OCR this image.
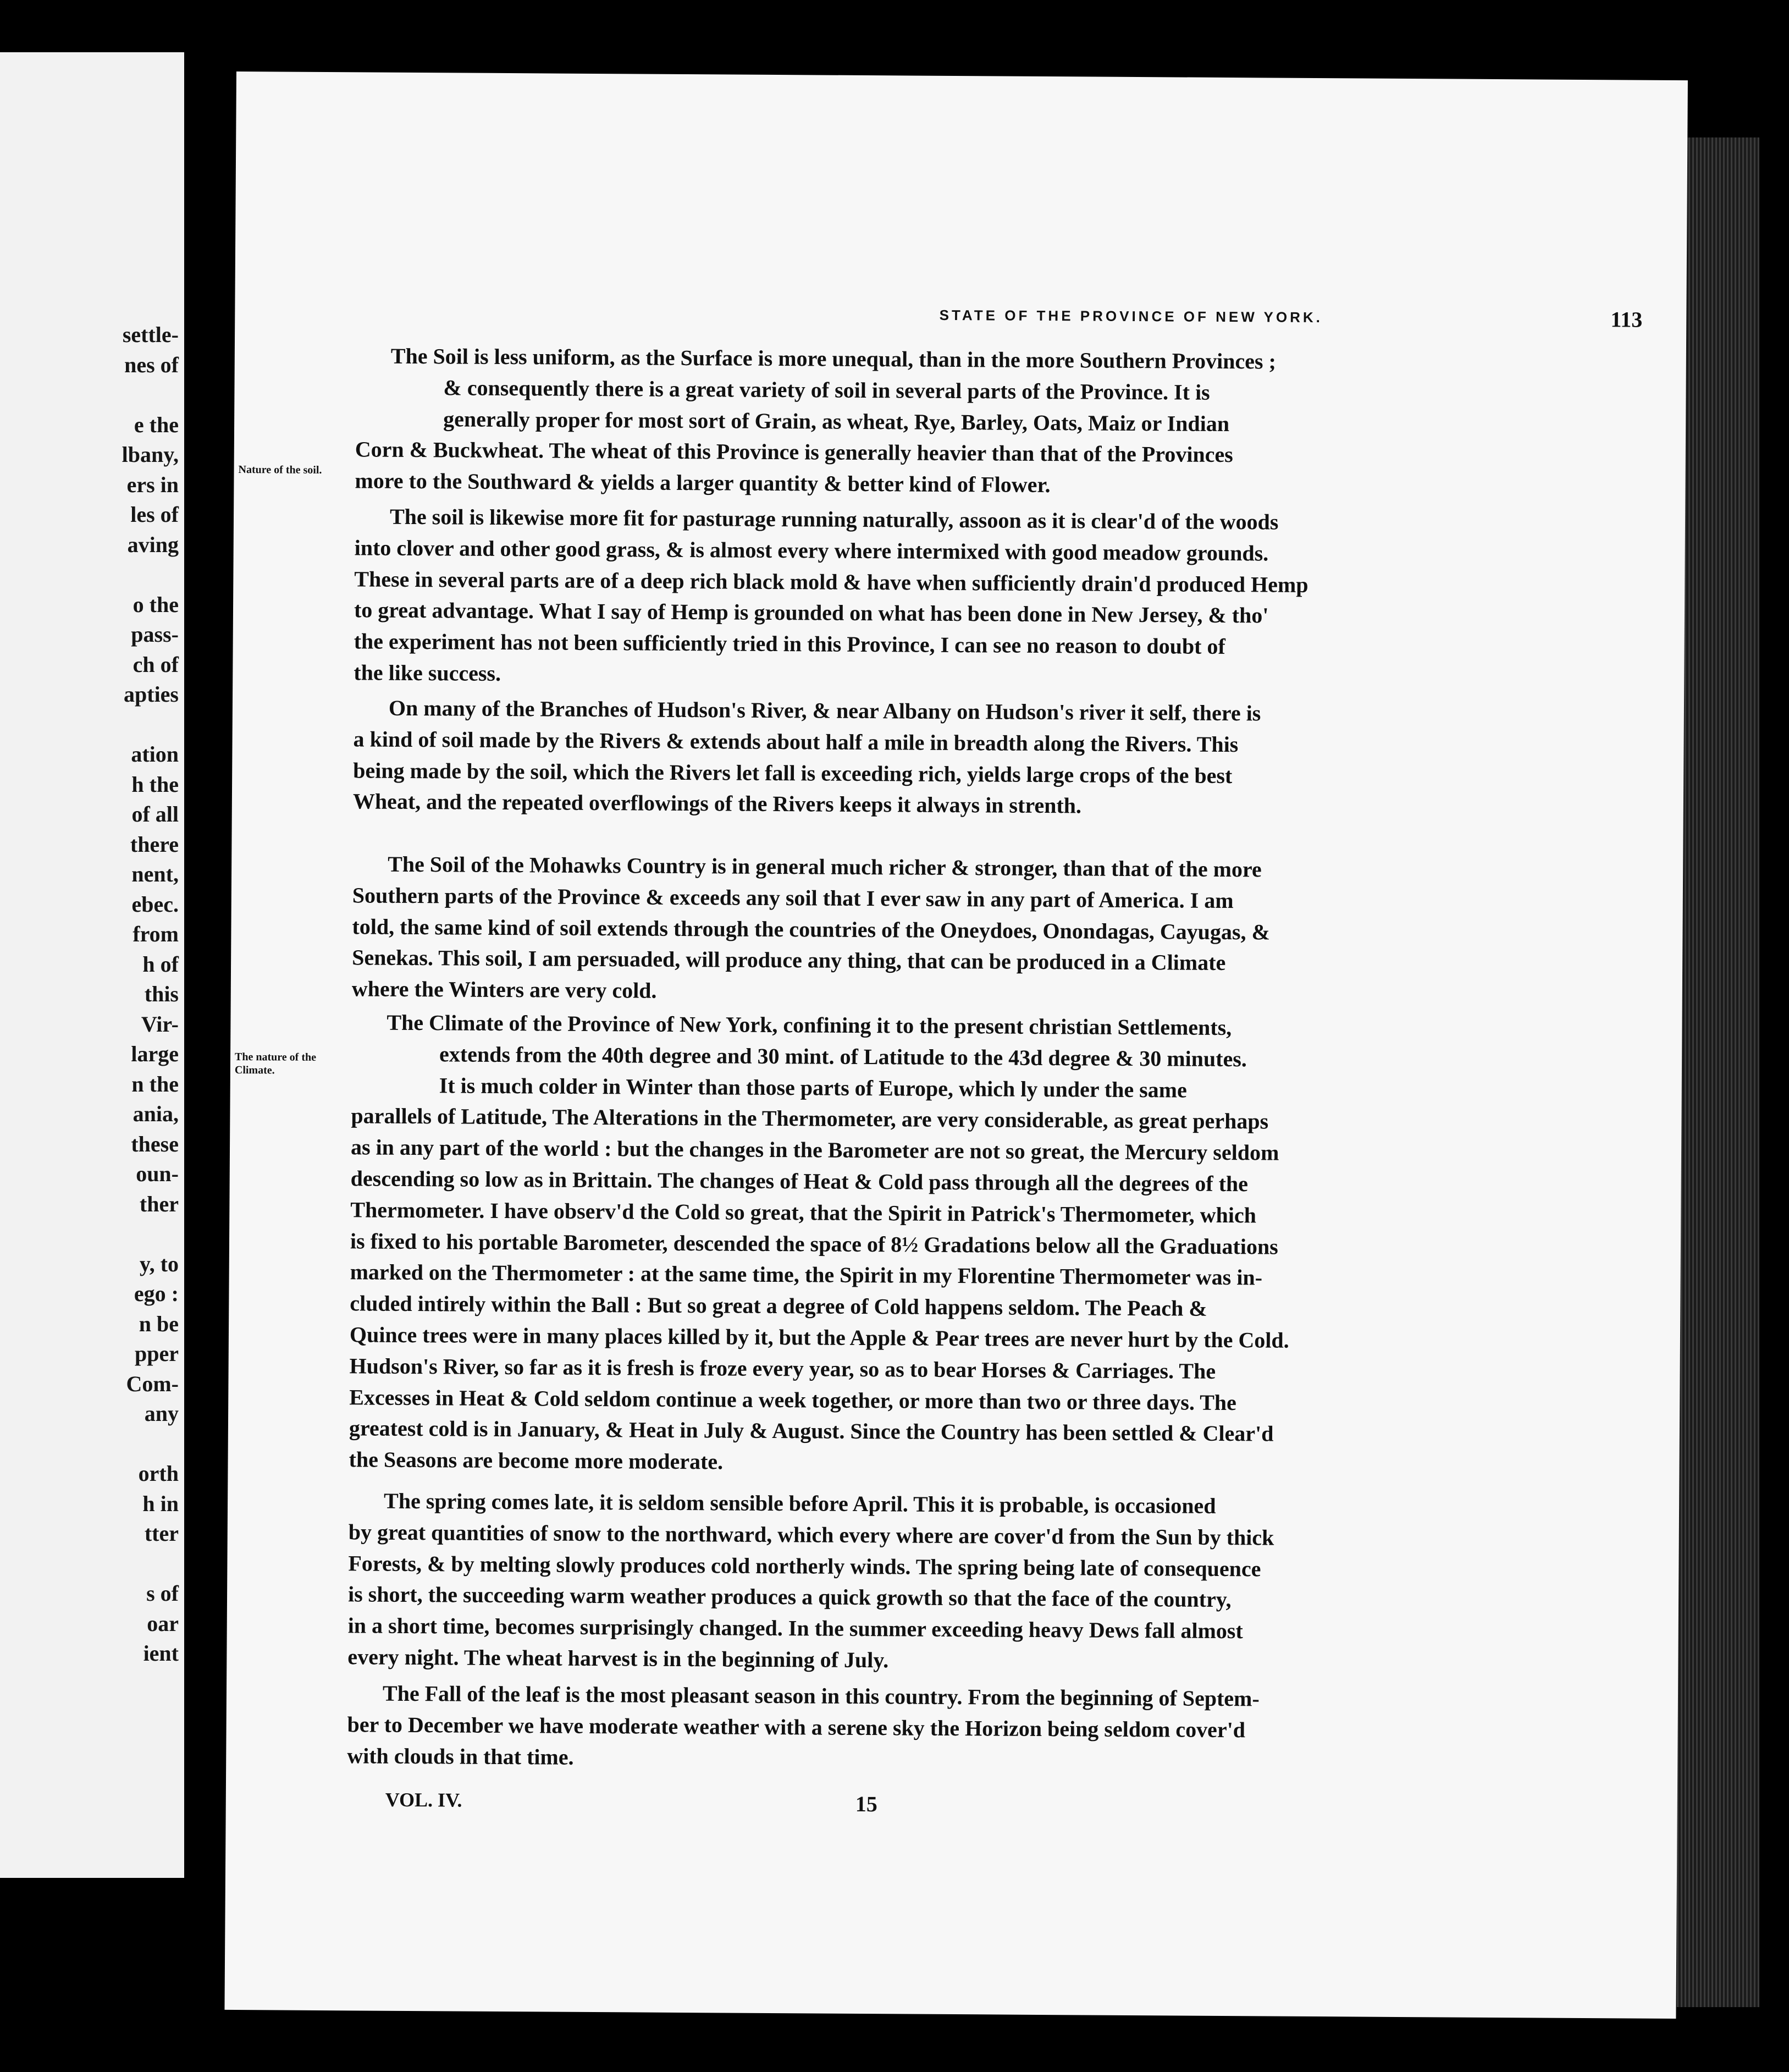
settle-
nes of
e the
lbany,
ers in
les of
aving
o the
pass-
ch of
apties
ation
h the
of all
there
nent,
ebec.
from
h of
this
Vir-
large
n the
ania,
these
oun-
ther
y, to
ego :
n be
pper
Com-
any
orth
h in
tter
s of
oar
ient
STATE OF THE PROVINCE OF NEW YORK.	113
Nature of the soil.
The nature of the
Climate.
The Soil is less uniform, as the Surface is more unequal, than in the more Southern Provinces ;
& consequently there is a great variety of soil in several parts of the Province. It is
generally proper for most sort of Grain, as wheat, Rye, Barley, Oats, Maiz or Indian
Corn & Buckwheat. The wheat of this Province is generally heavier than that of the Provinces
more to the Southward & yields a larger quantity & better kind of Flower.
The soil is likewise more fit for pasturage running naturally, assoon as it is clear'd of the woods
into clover and other good grass, & is almost every where intermixed with good meadow grounds.
These in several parts are of a deep rich black mold & have when sufficiently drain'd produced Hemp
to great advantage. What I say of Hemp is grounded on what has been done in New Jersey, & tho'
the experiment has not been sufficiently tried in this Province, I can see no reason to doubt of
the like success.
On many of the Branches of Hudson's River, & near Albany on Hudson's river it self, there is
a kind of soil made by the Rivers & extends about half a mile in breadth along the Rivers. This
being made by the soil, which the Rivers let fall is exceeding rich, yields large crops of the best
Wheat, and the repeated overflowings of the Rivers keeps it always in strenth.
The Soil of the Mohawks Country is in general much richer & stronger, than that of the more
Southern parts of the Province & exceeds any soil that I ever saw in any part of America. I am
told, the same kind of soil extends through the countries of the Oneydoes, Onondagas, Cayugas, &
Senekas. This soil, I am persuaded, will produce any thing, that can be produced in a Climate
where the Winters are very cold.
The Climate of the Province of New York, confining it to the present christian Settlements,
extends from the 40th degree and 30 mint. of Latitude to the 43d degree & 30 minutes.
It is much colder in Winter than those parts of Europe, which ly under the same
parallels of Latitude, The Alterations in the Thermometer, are very considerable, as great perhaps
as in any part of the world : but the changes in the Barometer are not so great, the Mercury seldom
descending so low as in Brittain. The changes of Heat & Cold pass through all the degrees of the
Thermometer. I have observ'd the Cold so great, that the Spirit in Patrick's Thermometer, which
is fixed to his portable Barometer, descended the space of 8½ Gradations below all the Graduations
marked on the Thermometer : at the same time, the Spirit in my Florentine Thermometer was in-
cluded intirely within the Ball : But so great a degree of Cold happens seldom. The Peach &
Quince trees were in many places killed by it, but the Apple & Pear trees are never hurt by the Cold.
Hudson's River, so far as it is fresh is froze every year, so as to bear Horses & Carriages. The
Excesses in Heat & Cold seldom continue a week together, or more than two or three days. The
greatest cold is in January, & Heat in July & August. Since the Country has been settled & Clear'd
the Seasons are become more moderate.
The spring comes late, it is seldom sensible before April. This it is probable, is occasioned
by great quantities of snow to the northward, which every where are cover'd from the Sun by thick
Forests, & by melting slowly produces cold northerly winds. The spring being late of consequence
is short, the succeeding warm weather produces a quick growth so that the face of the country,
in a short time, becomes surprisingly changed. In the summer exceeding heavy Dews fall almost
every night. The wheat harvest is in the beginning of July.
The Fall of the leaf is the most pleasant season in this country. From the beginning of Septem-
ber to December we have moderate weather with a serene sky the Horizon being seldom cover'd
with clouds in that time.
VOL. IV.	15
